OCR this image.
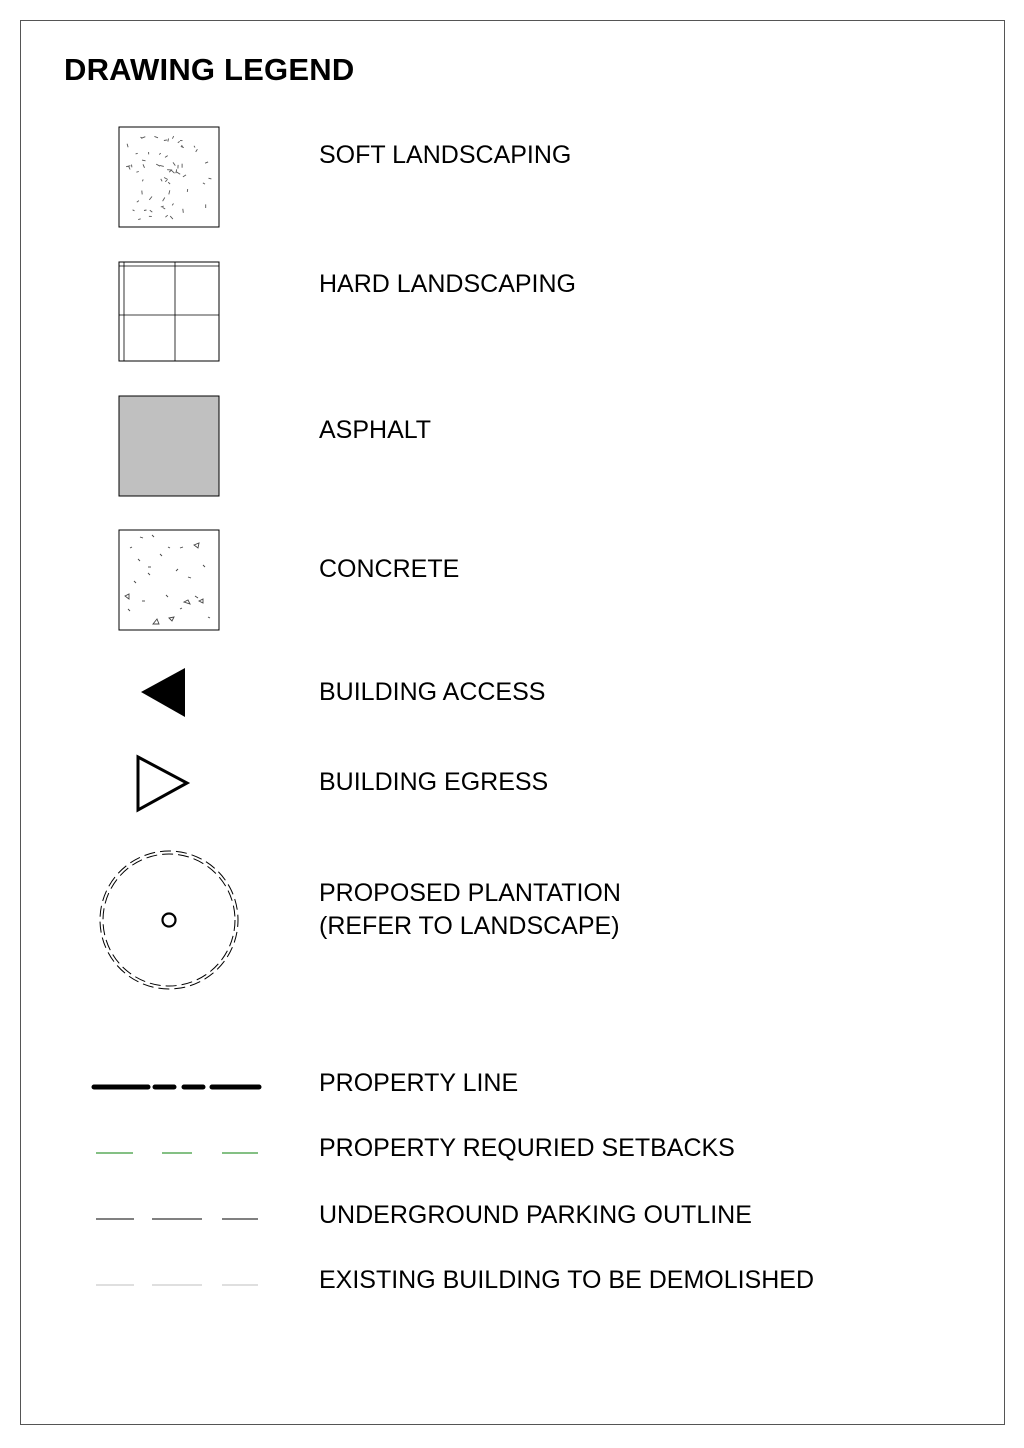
DRAWING LEGEND
SOFT LANDSCAPING
HARD LANDSCAPING
ASPHALT
CONCRETE
BUILDING ACCESS
BUILDING EGRESS
PROPOSED PLANTATION
(REFER TO LANDSCAPE)
PROPERTY LINE
PROPERTY REQURIED SETBACKS
UNDERGROUND PARKING OUTLINE
EXISTING BUILDING TO BE DEMOLISHED
